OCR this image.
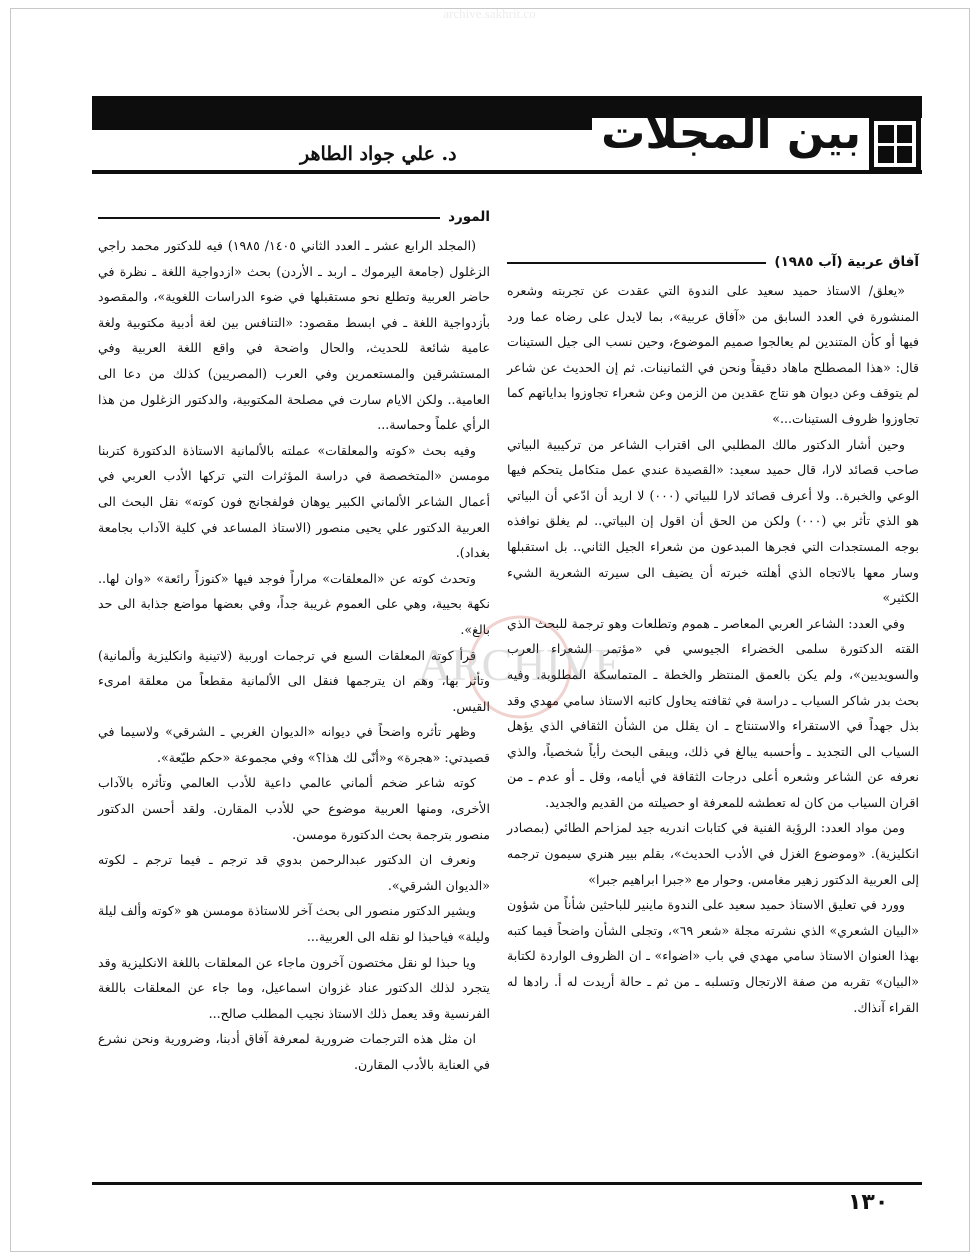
archive.sakhrit.co
بين المجلات

د. علي جواد الطاهر

آفاق عربية (آب ١٩٨٥)

«يعلق/ الاستاذ حميد سعيد على الندوة التي عقدت عن تجربته وشعره المنشورة في العدد السابق من «آفاق عربية»، بما لايدل على رضاه عما ورد فيها أو كأن المتندين لم يعالجوا صميم الموضوع، وحين نسب الى جيل الستينات قال: «هذا المصطلح ماهاد دقيقاً ونحن في الثمانينات. ثم إن الحديث عن شاعر لم يتوقف وعن ديوان هو نتاج عقدين من الزمن وعن شعراء تجاوزوا بداياتهم كما تجاوزوا ظروف الستينات...»

وحين أشار الدكتور مالك المطلبي الى اقتراب الشاعر من تركيبية البياتي صاحب قصائد لارا، قال حميد سعيد: «القصيدة عندي عمل متكامل يتحكم فيها الوعي والخبرة.. ولا أعرف قصائد لارا للبياتي (٠٠٠) لا اريد أن ادّعي أن البياتي هو الذي تأثر بي (٠٠٠) ولكن من الحق أن اقول إن البياتي.. لم يغلق نوافذه بوجه المستجدات التي فجرها المبدعون من شعراء الجيل الثاني.. بل استقبلها وسار معها بالاتجاه الذي أهلته خبرته أن يضيف الى سيرته الشعرية الشيء الكثير»

وفي العدد: الشاعر العربي المعاصر ـ هموم وتطلعات وهو ترجمة للبحث الذي القته الدكتورة سلمى الخضراء الجيوسي في «مؤتمر الشعراء العرب والسويديين»، ولم يكن بالعمق المنتظر والخطة ـ المتماسكة المطلوبة. وفيه بحث بدر شاكر السياب ـ دراسة في ثقافته يحاول كاتبه الاستاذ سامي مهدي وقد بذل جهداً في الاستقراء والاستنتاج ـ ان يقلل من الشأن الثقافي الذي يؤهل السياب الى التجديد ـ وأحسبه يبالغ في ذلك، ويبقى البحث رأياً شخصياً، والذي نعرفه عن الشاعر وشعره أعلى درجات الثقافة في أيامه، وقل ـ أو عدم ـ من اقران السياب من كان له تعطشه للمعرفة او حصيلته من القديم والجديد.

ومن مواد العدد: الرؤية الفنية في كتابات اندريه جيد لمزاحم الطائي (بمصادر انكليزية). «وموضوع الغزل في الأدب الحديث»، بقلم بيير هنري سيمون ترجمه إلى العربية الدكتور زهير مغامس. وحوار مع «جبرا ابراهيم جبرا»

وورد في تعليق الاستاذ حميد سعيد على الندوة ماينير للباحثين شأناً من شؤون «البيان الشعري» الذي نشرته مجلة «شعر ٦٩»، وتجلى الشأن واضحاً فيما كتبه بهذا العنوان الاستاذ سامي مهدي في باب «اضواء» ـ ان الظروف الواردة لكتابة «البيان» تقربه من صفة الارتجال وتسلبه ـ من ثم ـ حالة أريدت له أ. رادها له القراء آنذاك.

المورد

(المجلد الرابع عشر ـ العدد الثاني ١٤٠٥/ ١٩٨٥) فيه للدكتور محمد راجي الزغلول (جامعة اليرموك ـ اربد ـ الأردن) بحث «ازدواجية اللغة ـ نظرة في حاضر العربية وتطلع نحو مستقبلها في ضوء الدراسات اللغوية»، والمقصود بأزدواجية اللغة ـ في ابسط مقصود: «التنافس بين لغة أدبية مكتوبية ولغة عامية شائعة للحديث، والحال واضحة في واقع اللغة العربية وفي المستشرقين والمستعمرين وفي العرب (المصريين) كذلك من دعا الى العامية.. ولكن الايام سارت في مصلحة المكتوبية، والدكتور الزغلول من هذا الرأي علماً وحماسة...

وفيه بحث «كوته والمعلقات» عملته بالألمانية الاستاذة الدكتورة كتربنا مومسن «المتخصصة في دراسة المؤثرات التي تركها الأدب العربي في أعمال الشاعر الألماني الكبير يوهان فولفجانج فون كوته» نقل البحث الى العربية الدكتور علي يحيى منصور (الاستاذ المساعد في كلية الآداب بجامعة بغداد).

وتحدث كوته عن «المعلقات» مراراً فوجد فيها «كنوزاً رائعة» «وان لها.. نكهة بحيية، وهي على العموم غريبة جداً، وفي بعضها مواضع جذابة الى حد بالغ».

قرأ كوته المعلقات السبع في ترجمات اوربية (لاتينية وانكليزية وألمانية) وتأثر بها، وهم ان يترجمها فنقل الى الألمانية مقطعاً من معلقة امرىء القيس.

وظهر تأثره واضحاً في ديوانه «الديوان الغربي ـ الشرقي» ولاسيما في قصيدتي: «هجرة» و«أنّى لك هذا؟» وفي مجموعة «حكم طيّعة».

كوته شاعر ضخم ألماني عالمي داعية للأدب العالمي وتأثره بالآداب الأخرى، ومنها العربية موضوع حي للأدب المقارن. ولقد أحسن الدكتور منصور بترجمة بحث الدكتورة مومسن.

ونعرف ان الدكتور عبدالرحمن بدوي قد ترجم ـ فيما ترجم ـ لكوته «الديوان الشرقي».

ويشير الدكتور منصور الى بحث آخر للاستاذة مومسن هو «كوته وألف ليلة وليلة» فياحبذا لو نقله الى العربية...

ويا حبذا لو نقل مختصون آخرون ماجاء عن المعلقات باللغة الانكليزية وقد يتجرد لذلك الدكتور عناد غزوان اسماعيل، وما جاء عن المعلقات باللغة الفرنسية وقد يعمل ذلك الاستاذ نجيب المطلب صالح...

ان مثل هذه الترجمات ضرورية لمعرفة آفاق أدبنا، وضرورية ونحن نشرع في العناية بالأدب المقارن.

ARCHIVE

١٣٠
